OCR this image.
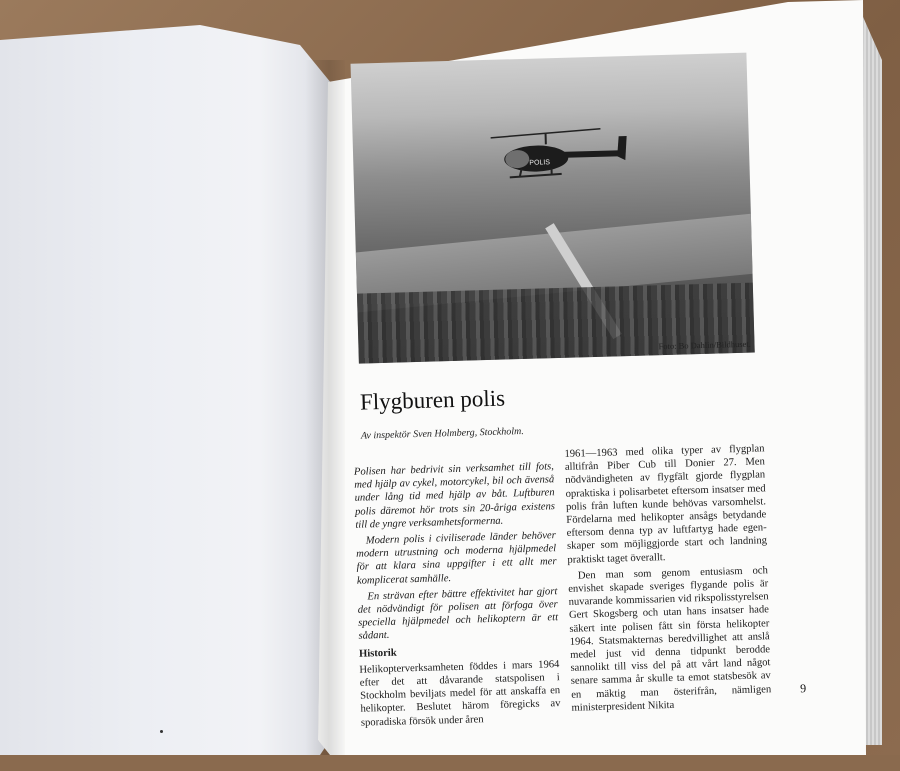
POLIS
Foto: Bo Dahlin/Bildhuset.
Flygburen polis
Av inspektör Sven Holmberg, Stockholm.

Polisen har bedrivit sin verksamhet till fots, med hjälp av cykel, motorcykel, bil och ävenså under lång tid med hjälp av båt. Luftburen polis däremot hör trots sin 20-åriga existens till de yngre verksamhetsformerna.

Modern polis i civiliserade länder behöver modern utrustning och moderna hjälpmedel för att klara sina uppgifter i ett allt mer komplicerat samhälle.

En strävan efter bättre effektivitet har gjort det nödvändigt för polisen att förfoga över speciella hjälpmedel och helikoptern är ett sådant.

Historik

Helikopterverksamheten föddes i mars 1964 efter det att dåvarande statspolisen i Stockholm beviljats medel för att anskaffa en helikopter. Beslutet härom föregicks av sporadiska försök under åren

1961—1963 med olika typer av flygplan alltifrån Piber Cub till Donier 27. Men nödvändigheten av flygfält gjorde flygplan opraktiska i polisarbetet eftersom insatser med polis från luften kunde behövas varsomhelst. Fördelarna med helikopter ansågs betydande eftersom denna typ av luftfartyg hade egenskaper som möjliggjorde start och landning praktiskt taget överallt.

Den man som genom entusiasm och envishet skapade sveriges flygande polis är nuvarande kommissarien vid rikspolisstyrelsen Gert Skogsberg och utan hans insatser hade säkert inte polisen fått sin första helikopter 1964. Statsmakternas beredvillighet att anslå medel just vid denna tidpunkt berodde sannolikt till viss del på att vårt land något senare samma år skulle ta emot statsbesök av en mäktig man österifrån, nämligen ministerpresident Nikita

9
